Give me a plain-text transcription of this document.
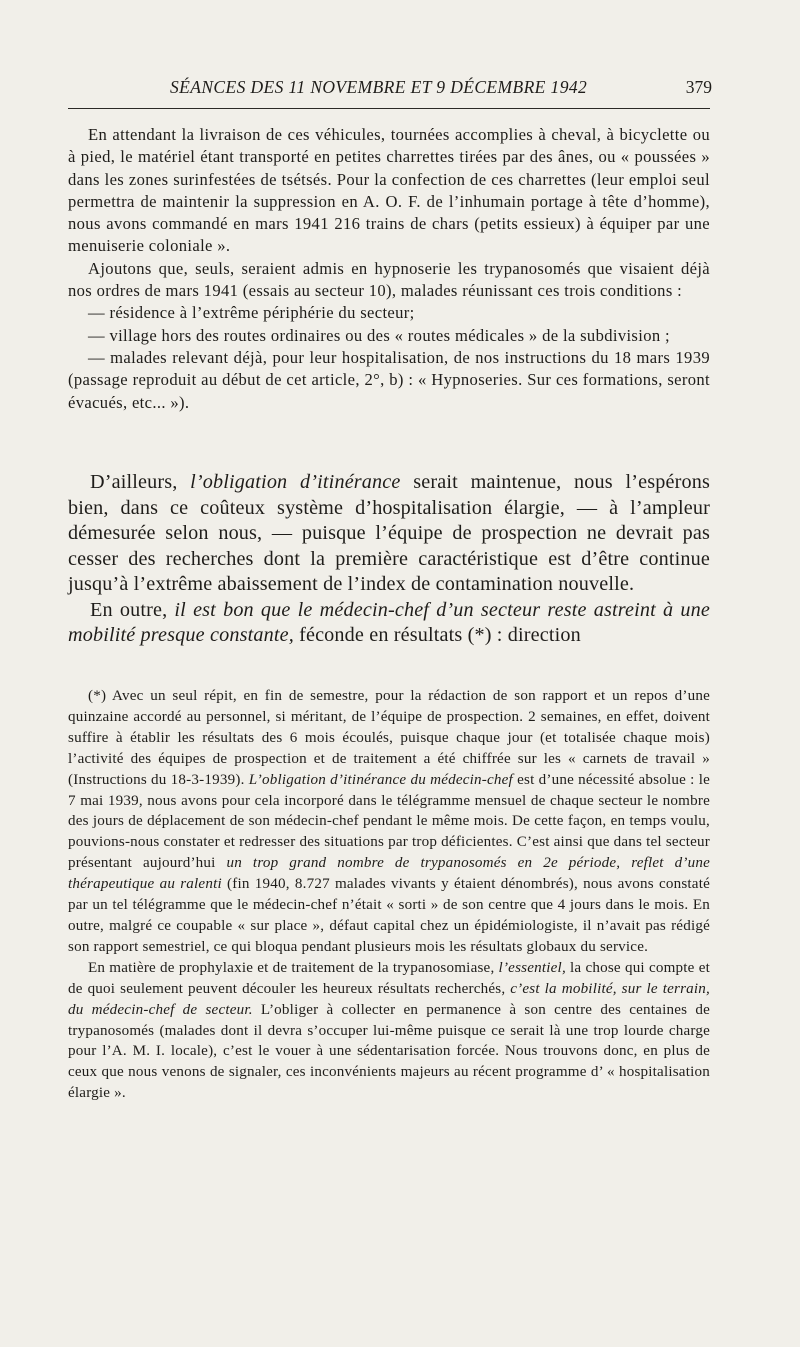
SÉANCES DES 11 NOVEMBRE ET 9 DÉCEMBRE 1942	379

En attendant la livraison de ces véhicules, tournées accomplies à cheval, à bicyclette ou à pied, le matériel étant transporté en petites charrettes tirées par des ânes, ou « poussées » dans les zones surinfestées de tsétsés. Pour la confection de ces charrettes (leur emploi seul permettra de maintenir la suppression en A. O. F. de l’inhumain portage à tête d’homme), nous avons commandé en mars 1941 216 trains de chars (petits essieux) à équiper par une menuiserie coloniale ».

Ajoutons que, seuls, seraient admis en hypnoserie les trypanosomés que visaient déjà nos ordres de mars 1941 (essais au secteur 10), malades réunissant ces trois conditions :

— résidence à l’extrême périphérie du secteur;

— village hors des routes ordinaires ou des « routes médicales » de la subdivision ;

— malades relevant déjà, pour leur hospitalisation, de nos instructions du 18 mars 1939 (passage reproduit au début de cet article, 2°, b) : « Hypnoseries. Sur ces formations, seront évacués, etc... »).

D’ailleurs, l’obligation d’itinérance serait maintenue, nous l’espérons bien, dans ce coûteux système d’hospitalisation élargie, — à l’ampleur démesurée selon nous, — puisque l’équipe de prospection ne devrait pas cesser des recherches dont la première caractéristique est d’être continue jusqu’à l’extrême abaissement de l’index de contamination nouvelle.

En outre, il est bon que le médecin-chef d’un secteur reste astreint à une mobilité presque constante, féconde en résultats (*) : direction

(*) Avec un seul répit, en fin de semestre, pour la rédaction de son rapport et un repos d’une quinzaine accordé au personnel, si méritant, de l’équipe de prospection. 2 semaines, en effet, doivent suffire à établir les résultats des 6 mois écoulés, puisque chaque jour (et totalisée chaque mois) l’activité des équipes de prospection et de traitement a été chiffrée sur les « carnets de travail » (Instructions du 18-3-1939). L’obligation d’itinérance du médecin-chef est d’une nécessité absolue : le 7 mai 1939, nous avons pour cela incorporé dans le télégramme mensuel de chaque secteur le nombre des jours de déplacement de son médecin-chef pendant le même mois. De cette façon, en temps voulu, pouvions-nous constater et redresser des situations par trop déficientes. C’est ainsi que dans tel secteur présentant aujourd’hui un trop grand nombre de trypanosomés en 2e période, reflet d’une thérapeutique au ralenti (fin 1940, 8.727 malades vivants y étaient dénombrés), nous avons constaté par un tel télégramme que le médecin-chef n’était « sorti » de son centre que 4 jours dans le mois. En outre, malgré ce coupable « sur place », défaut capital chez un épidémiologiste, il n’avait pas rédigé son rapport semestriel, ce qui bloqua pendant plusieurs mois les résultats globaux du service.

En matière de prophylaxie et de traitement de la trypanosomiase, l’essentiel, la chose qui compte et de quoi seulement peuvent découler les heureux résultats recherchés, c’est la mobilité, sur le terrain, du médecin-chef de secteur. L’obliger à collecter en permanence à son centre des centaines de trypanosomés (malades dont il devra s’occuper lui-même puisque ce serait là une trop lourde charge pour l’A. M. I. locale), c’est le vouer à une sédentarisation forcée. Nous trouvons donc, en plus de ceux que nous venons de signaler, ces inconvénients majeurs au récent programme d’ « hospitalisation élargie ».
